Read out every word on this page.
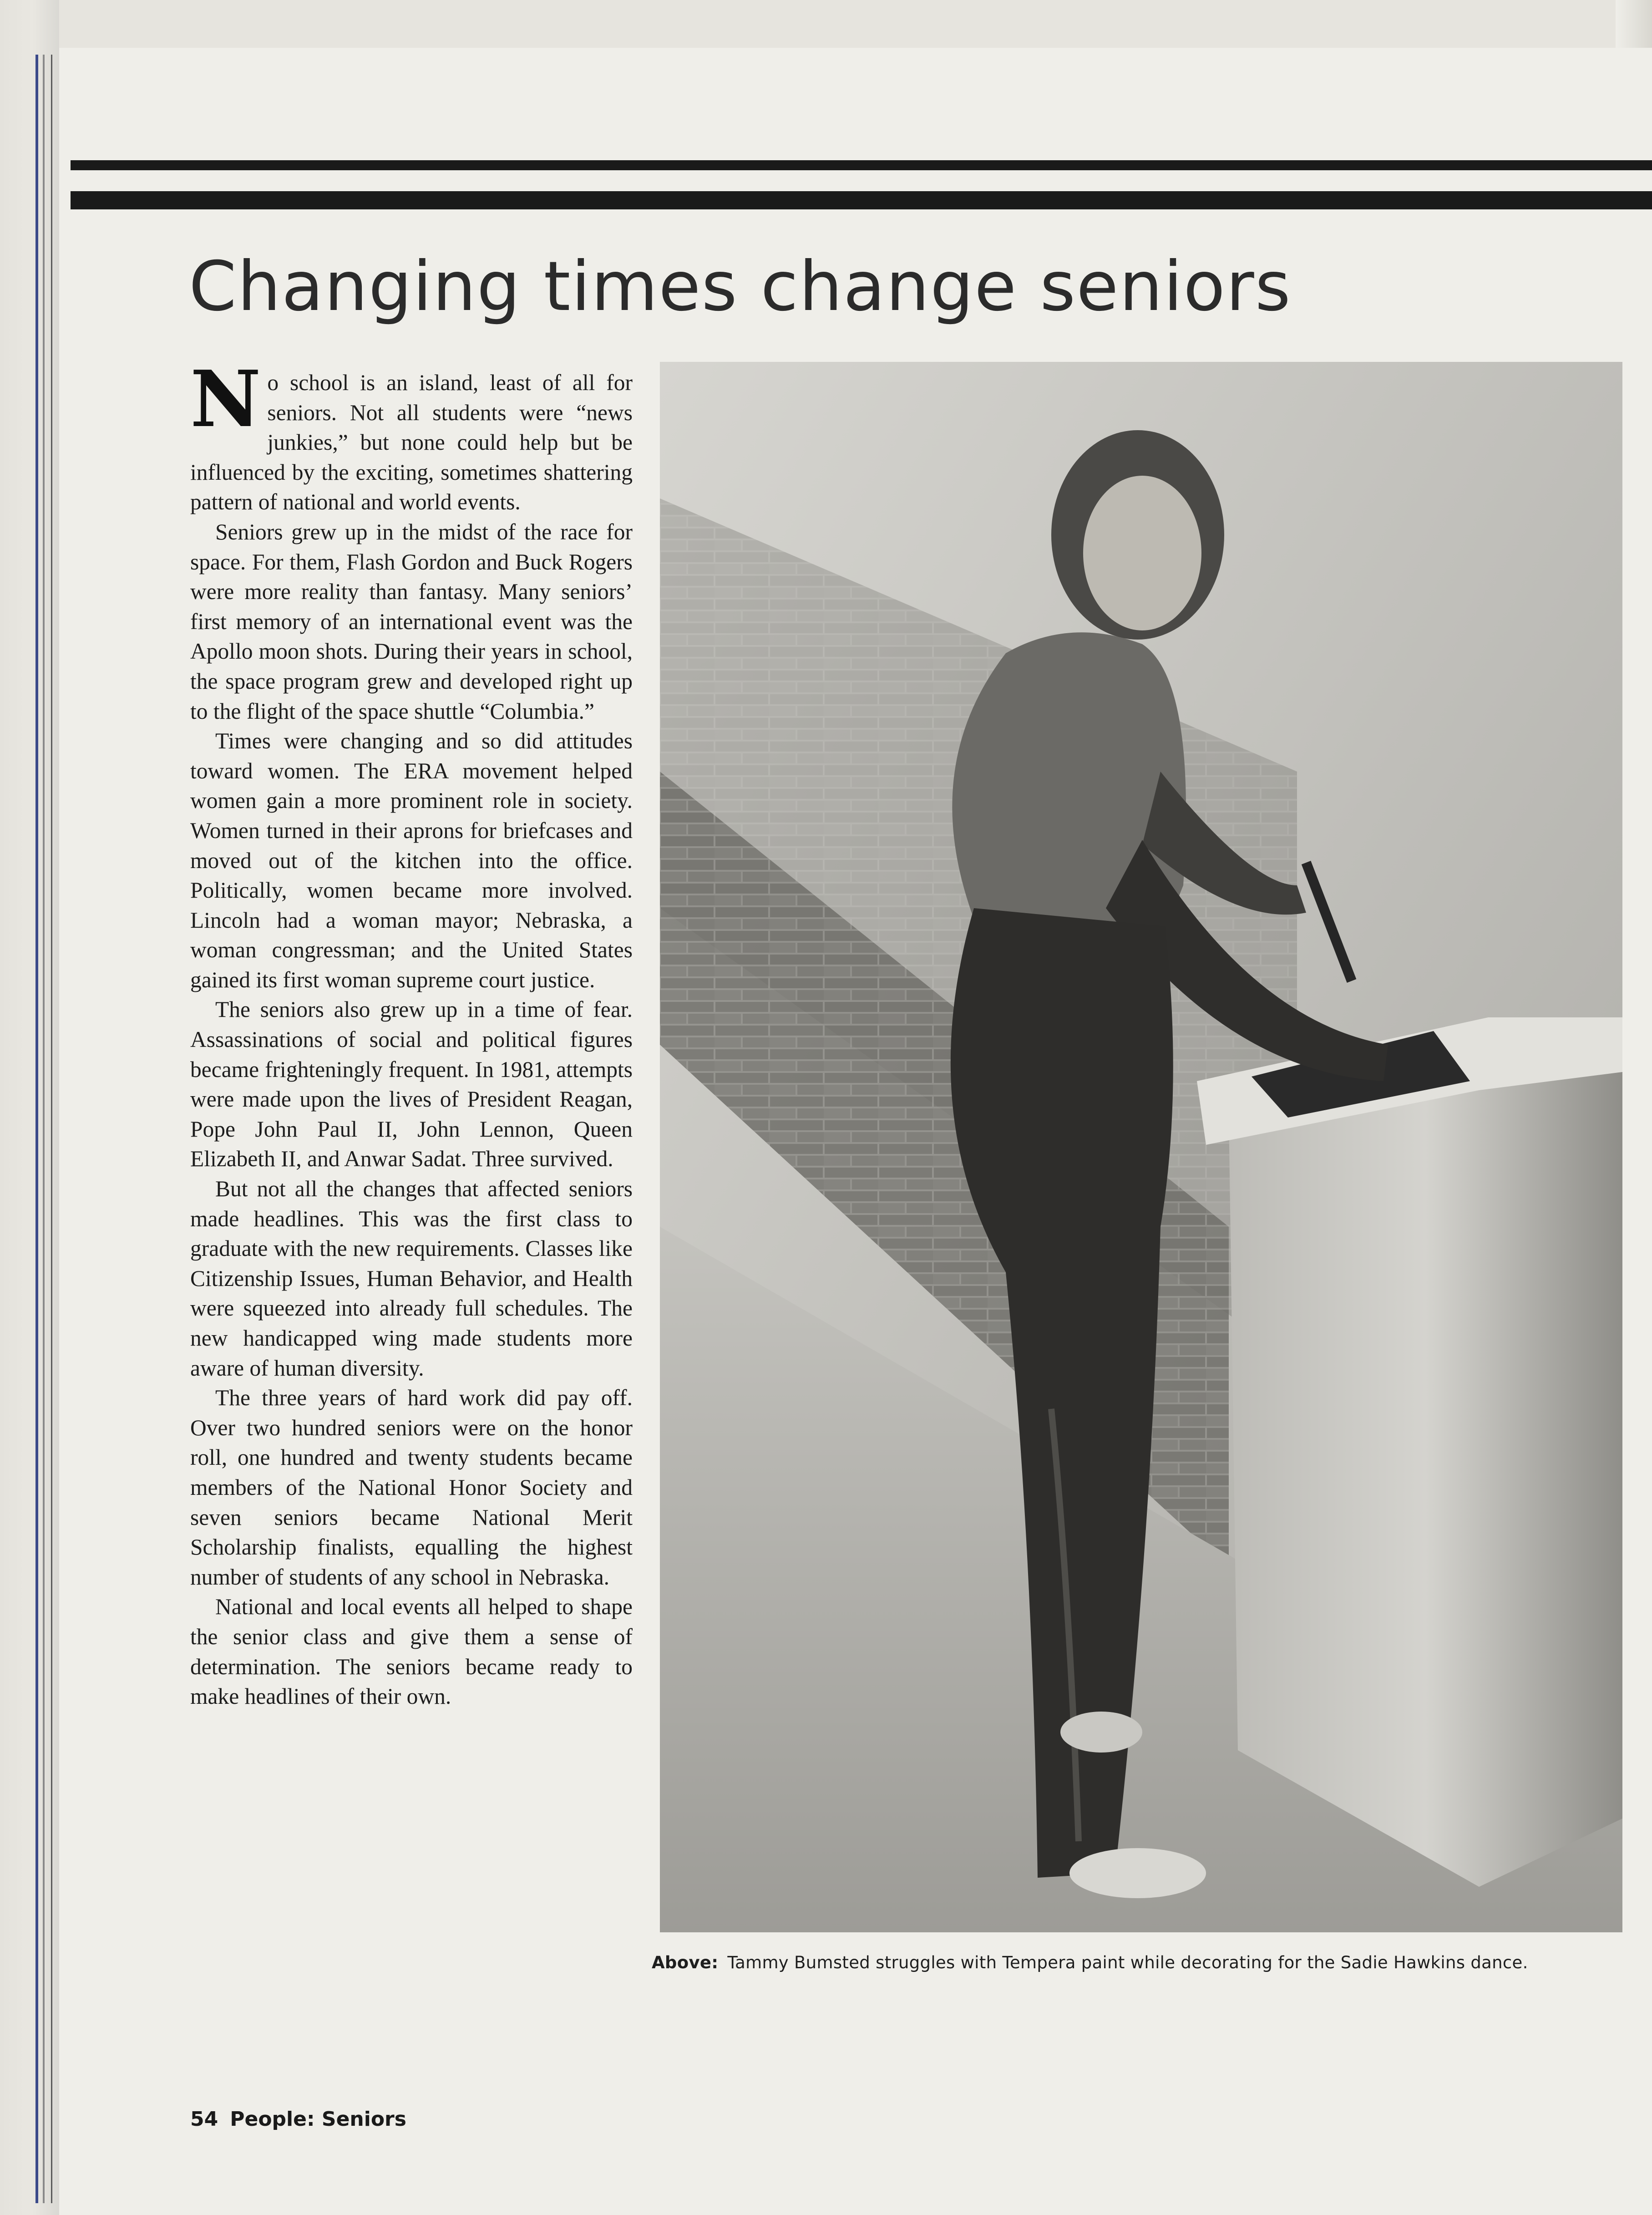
Changing times change seniors

No school is an island, least of all for seniors. Not all students were “news junkies,” but none could help but be influenced by the exciting, sometimes shattering pattern of national and world events.

Seniors grew up in the midst of the race for space. For them, Flash Gordon and Buck Rogers were more reality than fantasy. Many seniors’ first memory of an international event was the Apollo moon shots. During their years in school, the space program grew and developed right up to the flight of the space shuttle “Columbia.”

Times were changing and so did attitudes toward women. The ERA movement helped women gain a more prominent role in society. Women turned in their aprons for briefcases and moved out of the kitchen into the office. Politically, women became more involved. Lincoln had a woman mayor; Nebraska, a woman congressman; and the United States gained its first woman supreme court justice.

The seniors also grew up in a time of fear. Assassinations of social and political figures became frighteningly frequent. In 1981, attempts were made upon the lives of President Reagan, Pope John Paul II, John Lennon, Queen Elizabeth II, and Anwar Sadat. Three survived.

But not all the changes that affected seniors made headlines. This was the first class to graduate with the new requirements. Classes like Citizenship Issues, Human Behavior, and Health were squeezed into already full schedules. The new handicapped wing made students more aware of human diversity.

The three years of hard work did pay off. Over two hundred seniors were on the honor roll, one hundred and twenty students became members of the National Honor Society and seven seniors became National Merit Scholarship finalists, equalling the highest number of students of any school in Nebraska.

National and local events all helped to shape the senior class and give them a sense of determination. The seniors became ready to make headlines of their own.

Above: Tammy Bumsted struggles with Tempera paint while decorating for the Sadie Hawkins dance.
54 People: Seniors
